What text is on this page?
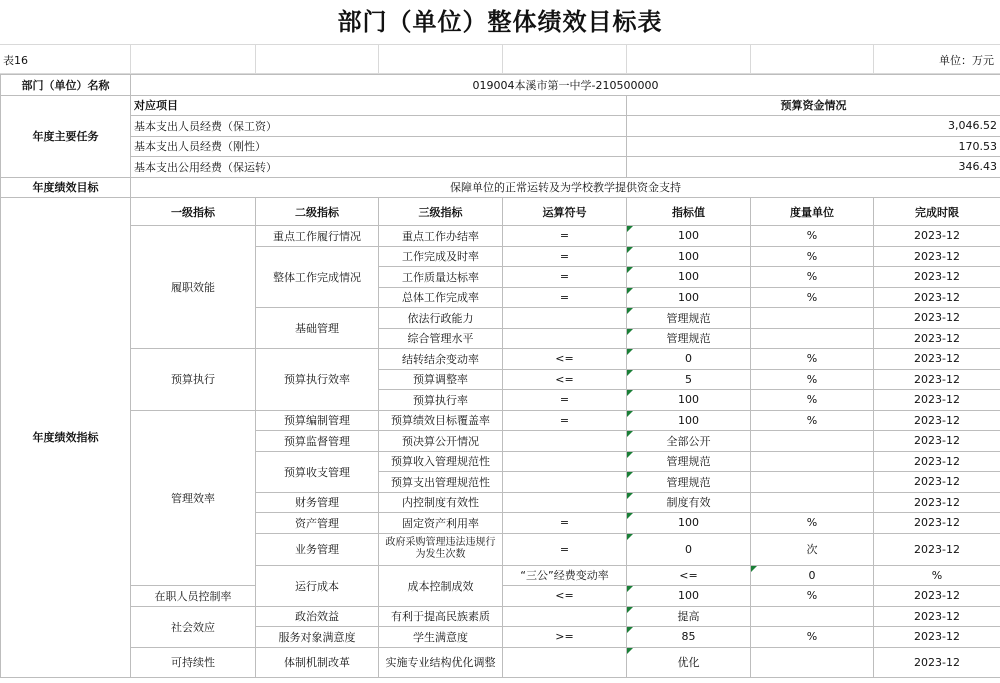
部门（单位）整体绩效目标表
表16	单位：万元
部门（单位）名称	019004本溪市第一中学-210500000							
年度主要任务	对应项目				预算资金情况			
	基本支出人员经费（保工资）				3,046.52			
	基本支出人员经费（刚性）				170.53			
	基本支出公用经费（保运转）				346.43			
年度绩效目标	保障单位的正常运转及为学校教学提供资金支持							
年度绩效指标	一级指标	二级指标	三级指标	运算符号	指标值	度量单位	完成时限	
	履职效能	重点工作履行情况	重点工作办结率	=	100	%	2023-12	
		整体工作完成情况	工作完成及时率	=	100	%	2023-12	
			工作质量达标率	=	100	%	2023-12	
			总体工作完成率	=	100	%	2023-12	
		基础管理	依法行政能力		管理规范		2023-12	
			综合管理水平		管理规范		2023-12	
	预算执行	预算执行效率	结转结余变动率	<=	0	%	2023-12	
			预算调整率	<=	5	%	2023-12	
			预算执行率	=	100	%	2023-12	
	管理效率	预算编制管理	预算绩效目标覆盖率	=	100	%	2023-12	
		预算监督管理	预决算公开情况		全部公开		2023-12	
		预算收支管理	预算收入管理规范性		管理规范		2023-12	
			预算支出管理规范性		管理规范		2023-12	
		财务管理	内控制度有效性		制度有效		2023-12	
		资产管理	固定资产利用率	=	100	%	2023-12	
		业务管理	政府采购管理违法违规行为发生次数	=	0	次	2023-12	
		运行成本	成本控制成效	“三公”经费变动率	<=	0	%	
	在职人员控制率			<=	100	%	2023-12	
	社会效应	政治效益	有利于提高民族素质		提高		2023-12	
		服务对象满意度	学生满意度	>=	85	%	2023-12	
	可持续性	体制机制改革	实施专业结构优化调整		优化		2023-12	
